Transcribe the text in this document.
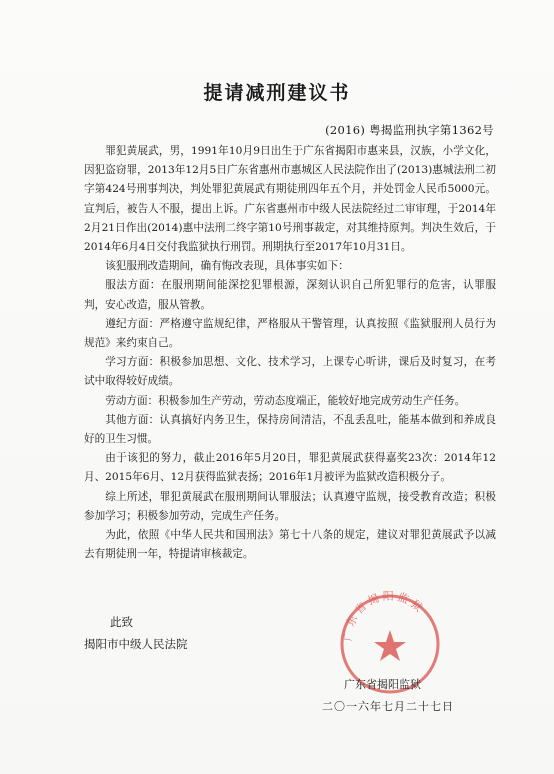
提请减刑建议书
(2016) 粤揭监刑执字第1362号

罪犯黄展武，男，1991年10月9日出生于广东省揭阳市惠来县，汉族，小学文化，因犯盗窃罪，2013年12月5日广东省惠州市惠城区人民法院作出了(2013)惠城法刑二初字第424号刑事判决，判处罪犯黄展武有期徒刑四年五个月，并处罚金人民币5000元。宣判后，被告人不服，提出上诉。广东省惠州市中级人民法院经过二审审理，于2014年2月21日作出(2014)惠中法刑二终字第10号刑事裁定，对其维持原判。判决生效后，于2014年6月4日交付我监狱执行刑罚。刑期执行至2017年10月31日。

该犯服刑改造期间，确有悔改表现，具体事实如下：

服法方面：在服刑期间能深挖犯罪根源，深刻认识自己所犯罪行的危害，认罪服判，安心改造，服从管教。

遵纪方面：严格遵守监规纪律，严格服从干警管理，认真按照《监狱服刑人员行为规范》来约束自己。

学习方面：积极参加思想、文化、技术学习，上课专心听讲，课后及时复习，在考试中取得较好成绩。

劳动方面：积极参加生产劳动，劳动态度端正，能较好地完成劳动生产任务。

其他方面：认真搞好内务卫生，保持房间清洁，不乱丢乱吐，能基本做到和养成良好的卫生习惯。

由于该犯的努力，截止2016年5月20日，罪犯黄展武获得嘉奖23次：2014年12月、2015年6月、12月获得监狱表扬；2016年1月被评为监狱改造积极分子。

综上所述，罪犯黄展武在服刑期间认罪服法；认真遵守监规，接受教育改造；积极参加学习；积极参加劳动，完成生产任务。

为此，依照《中华人民共和国刑法》第七十八条的规定，建议对罪犯黄展武予以减去有期徒刑一年，特提请审核裁定。

此致
揭阳市中级人民法院
广东省揭阳监狱
广东省揭阳监狱
二〇一六年七月二十七日
